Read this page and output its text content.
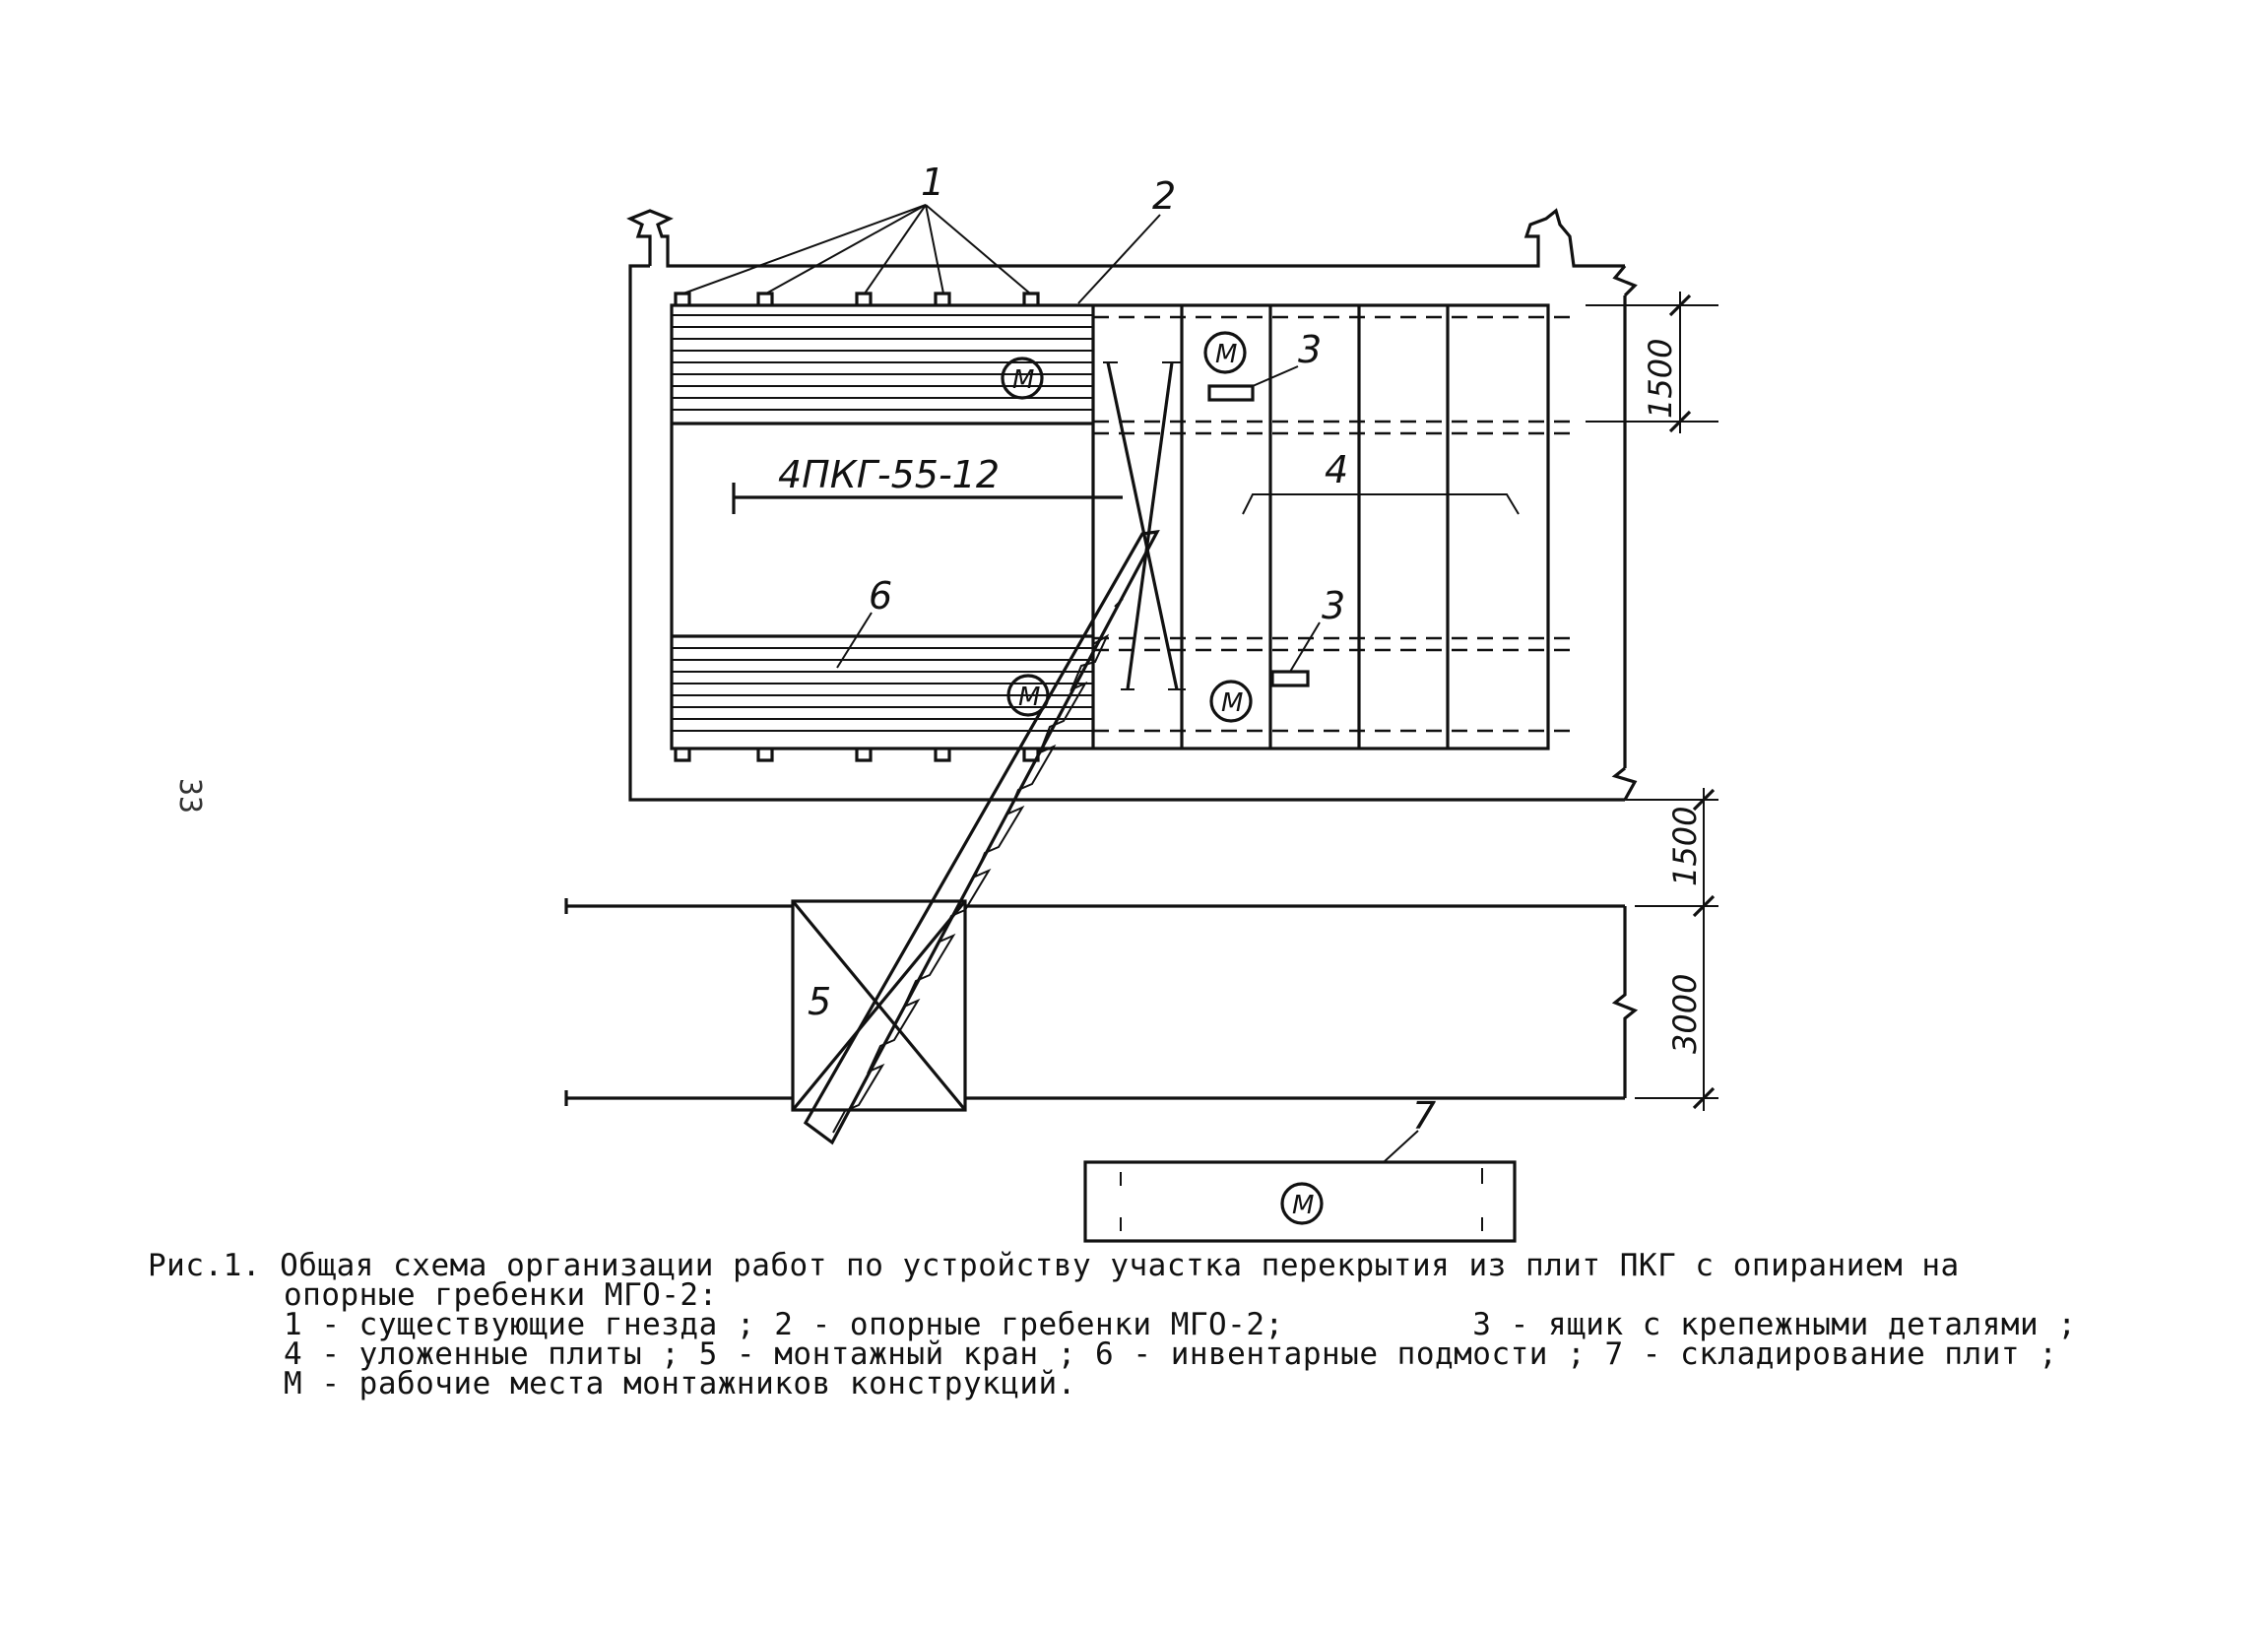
1	2
4
3
3
4ПКГ-55-12
6
М
М
М	М
М
5
7
1500
1500
3000
33
Рис.1. Общая схема организации работ по устройству участка перекрытия из плит ПКГ с опиранием на
опорные гребенки МГО-2:
1 - существующие гнезда ; 2 - опорные гребенки МГО-2;          3 - ящик с крепежными деталями ;
4 - уложенные плиты ; 5 - монтажный кран ; 6 - инвентарные подмости ; 7 - складирование плит ;
М - рабочие места монтажников конструкций.
